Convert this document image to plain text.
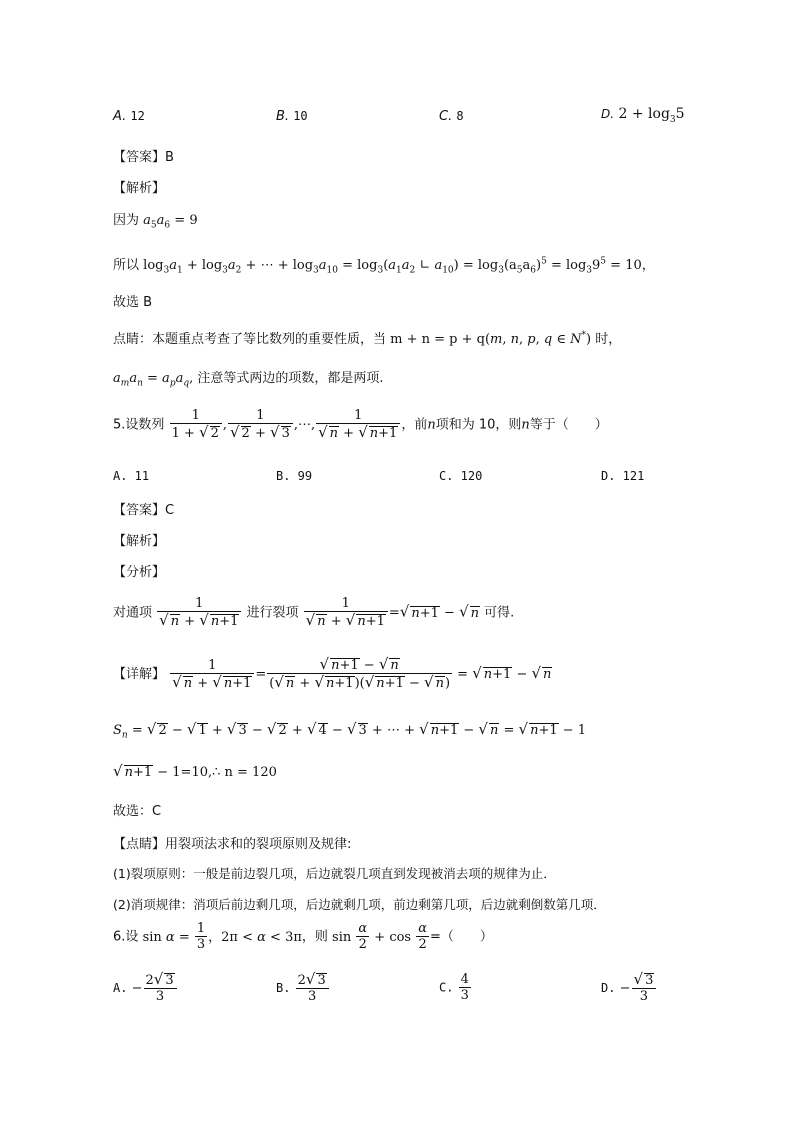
A. 12	B. 10	C. 8	D. $2 + \log_35$
【答案】B
【解析】
因为 $a_5a_6 = 9$
所以 $\log_3a_1 + \log_3a_2$ + ⋯ + $\log_3a_{10} = \log_3(a_1a_2$ ∟ $a_{10}) = \log_3(a_5a_6)^5 = \log_39^5 = 10$，
故选 B
点睛：本题重点考查了等比数列的重要性质，当 m + n = p + q(m, n, p, q ∈ N*) 时，
$a_ma_n = a_pa_q$, 注意等式两边的项数，都是两项.
5.设数列 $\frac{1}{1 + √ 2}$ , $\frac{1}{√ 2 + √ 3}$ ,⋯, $\frac{1}{√ n + √ n+1}$ ，前n项和为 10，则n等于（　　）
A. 11	B. 99	C. 120	D. 121
【答案】C
【解析】
【分析】
对通项 $\frac{1}{√ n + √ n+1}$ 进行裂项 $\frac{1}{√ n + √ n+1}$ =√ n+1 − √ n 可得.
【详解】 $\frac{1}{√ n + √ n+1} = \frac{√ n+1 - √ n}{(√ n + √ n+1)(√ n+1 - √ n)}$ = √ n+1 − √ n
$S_n$ = √ 2 − √ 1 + √ 3 − √ 2 + √ 4 − √ 3 + ⋯ + √ n+1 − √ n = √ n+1 − 1
√ n+1 − 1=10,∴ n = 120
故选：C
【点睛】用裂项法求和的裂项原则及规律:
(1)裂项原则：一般是前边裂几项，后边就裂几项直到发现被消去项的规律为止．
(2)消项规律：消项后前边剩几项，后边就剩几项，前边剩第几项，后边就剩倒数第几项．
6.设 $\sin \alpha = \frac{1}{3}$ ，2π < α < 3π，则 $\sin \frac{\alpha}{2} + \cos \frac{\alpha}{2}$ =（　　）
A. − $\frac{2√ 3}{3}$	B. $\frac{2√ 3}{3}$	C. $\frac{4}{3}$	D. − $\frac{√ 3}{3}$
